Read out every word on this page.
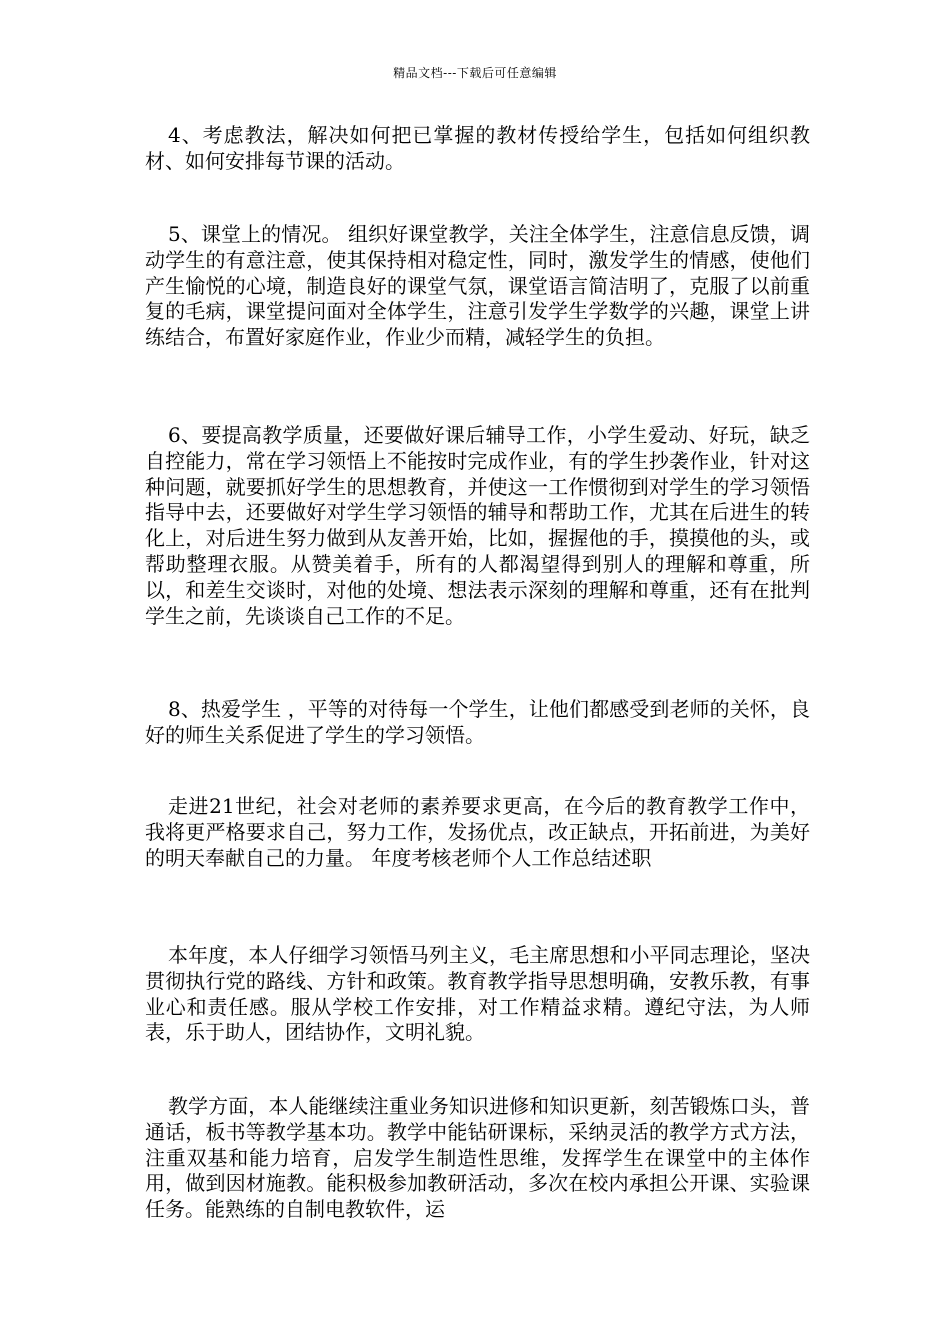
精品文档---下载后可任意编辑

4、考虑教法，解决如何把已掌握的教材传授给学生，包括如何组织教材、如何安排每节课的活动。

5、课堂上的情况。 组织好课堂教学，关注全体学生，注意信息反馈，调动学生的有意注意，使其保持相对稳定性，同时，激发学生的情感，使他们产生愉悦的心境，制造良好的课堂气氛，课堂语言简洁明了，克服了以前重复的毛病，课堂提问面对全体学生，注意引发学生学数学的兴趣，课堂上讲练结合，布置好家庭作业，作业少而精，减轻学生的负担。

6、要提高教学质量，还要做好课后辅导工作，小学生爱动、好玩，缺乏自控能力，常在学习领悟上不能按时完成作业，有的学生抄袭作业，针对这种问题，就要抓好学生的思想教育，并使这一工作惯彻到对学生的学习领悟指导中去，还要做好对学生学习领悟的辅导和帮助工作，尤其在后进生的转化上，对后进生努力做到从友善开始，比如，握握他的手，摸摸他的头，或帮助整理衣服。从赞美着手，所有的人都渴望得到别人的理解和尊重，所以，和差生交谈时，对他的处境、想法表示深刻的理解和尊重，还有在批判学生之前，先谈谈自己工作的不足。

8、热爱学生 ，平等的对待每一个学生，让他们都感受到老师的关怀，良好的师生关系促进了学生的学习领悟。

走进21世纪，社会对老师的素养要求更高，在今后的教育教学工作中，我将更严格要求自己，努力工作，发扬优点，改正缺点，开拓前进，为美好的明天奉献自己的力量。 年度考核老师个人工作总结述职

本年度，本人仔细学习领悟马列主义，毛主席思想和小平同志理论，坚决贯彻执行党的路线、方针和政策。教育教学指导思想明确，安教乐教，有事业心和责任感。服从学校工作安排，对工作精益求精。遵纪守法，为人师表，乐于助人，团结协作，文明礼貌。

教学方面，本人能继续注重业务知识进修和知识更新，刻苦锻炼口头，普通话，板书等教学基本功。教学中能钻研课标，采纳灵活的教学方式方法，注重双基和能力培育，启发学生制造性思维，发挥学生在课堂中的主体作用，做到因材施教。能积极参加教研活动，多次在校内承担公开课、实验课任务。能熟练的自制电教软件，运
